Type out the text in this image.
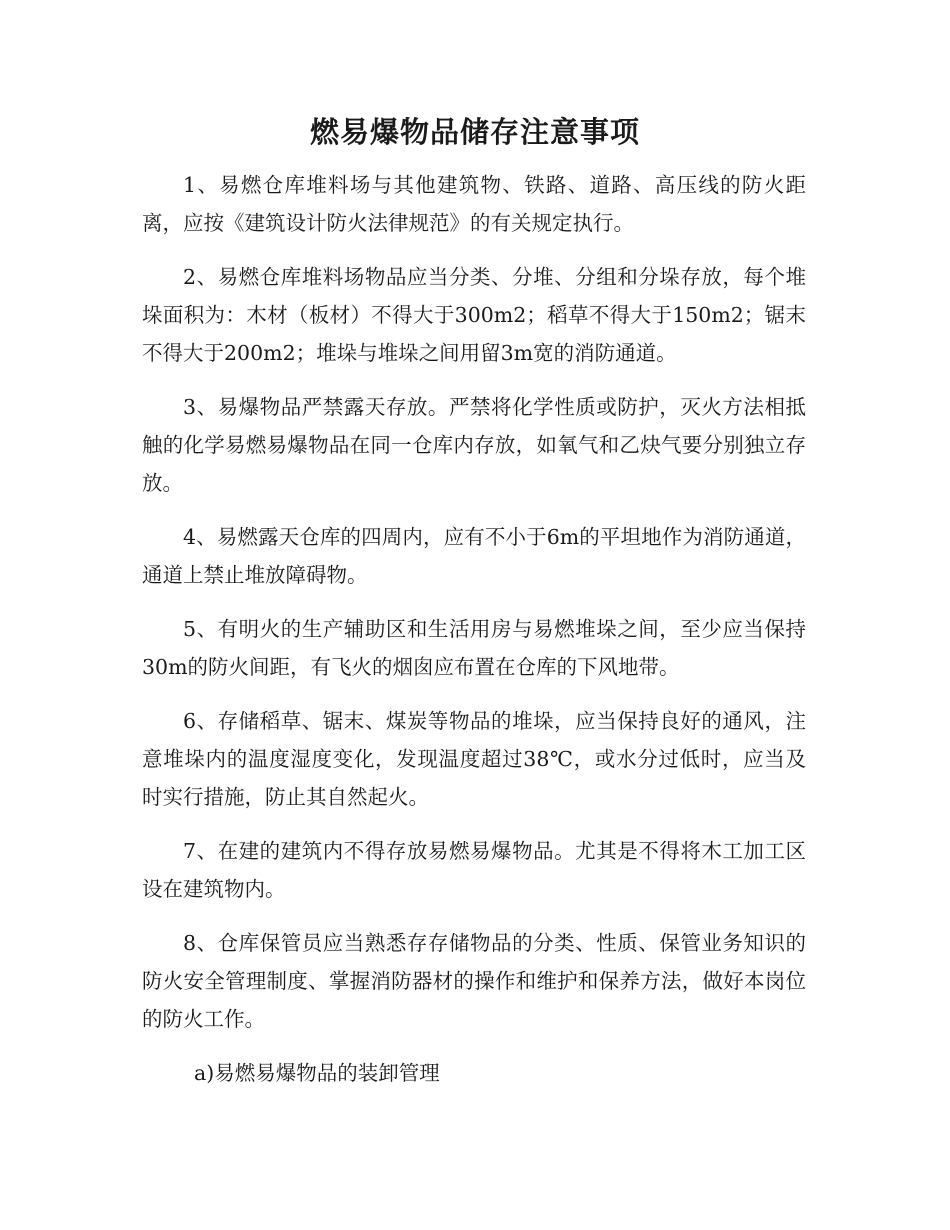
燃易爆物品储存注意事项

1、易燃仓库堆料场与其他建筑物、铁路、道路、高压线的防火距离，应按《建筑设计防火法律规范》的有关规定执行。

2、易燃仓库堆料场物品应当分类、分堆、分组和分垛存放，每个堆垛面积为：木材（板材）不得大于300m2；稻草不得大于150m2；锯末不得大于200m2；堆垛与堆垛之间用留3m宽的消防通道。

3、易爆物品严禁露天存放。严禁将化学性质或防护，灭火方法相抵触的化学易燃易爆物品在同一仓库内存放，如氧气和乙炔气要分别独立存放。

4、易燃露天仓库的四周内，应有不小于6m的平坦地作为消防通道，通道上禁止堆放障碍物。

5、有明火的生产辅助区和生活用房与易燃堆垛之间，至少应当保持30m的防火间距，有飞火的烟囱应布置在仓库的下风地带。

6、存储稻草、锯末、煤炭等物品的堆垛，应当保持良好的通风，注意堆垛内的温度湿度变化，发现温度超过38℃，或水分过低时，应当及时实行措施，防止其自然起火。

7、在建的建筑内不得存放易燃易爆物品。尤其是不得将木工加工区设在建筑物内。

8、仓库保管员应当熟悉存存储物品的分类、性质、保管业务知识的防火安全管理制度、掌握消防器材的操作和维护和保养方法，做好本岗位的防火工作。

a)易燃易爆物品的装卸管理
